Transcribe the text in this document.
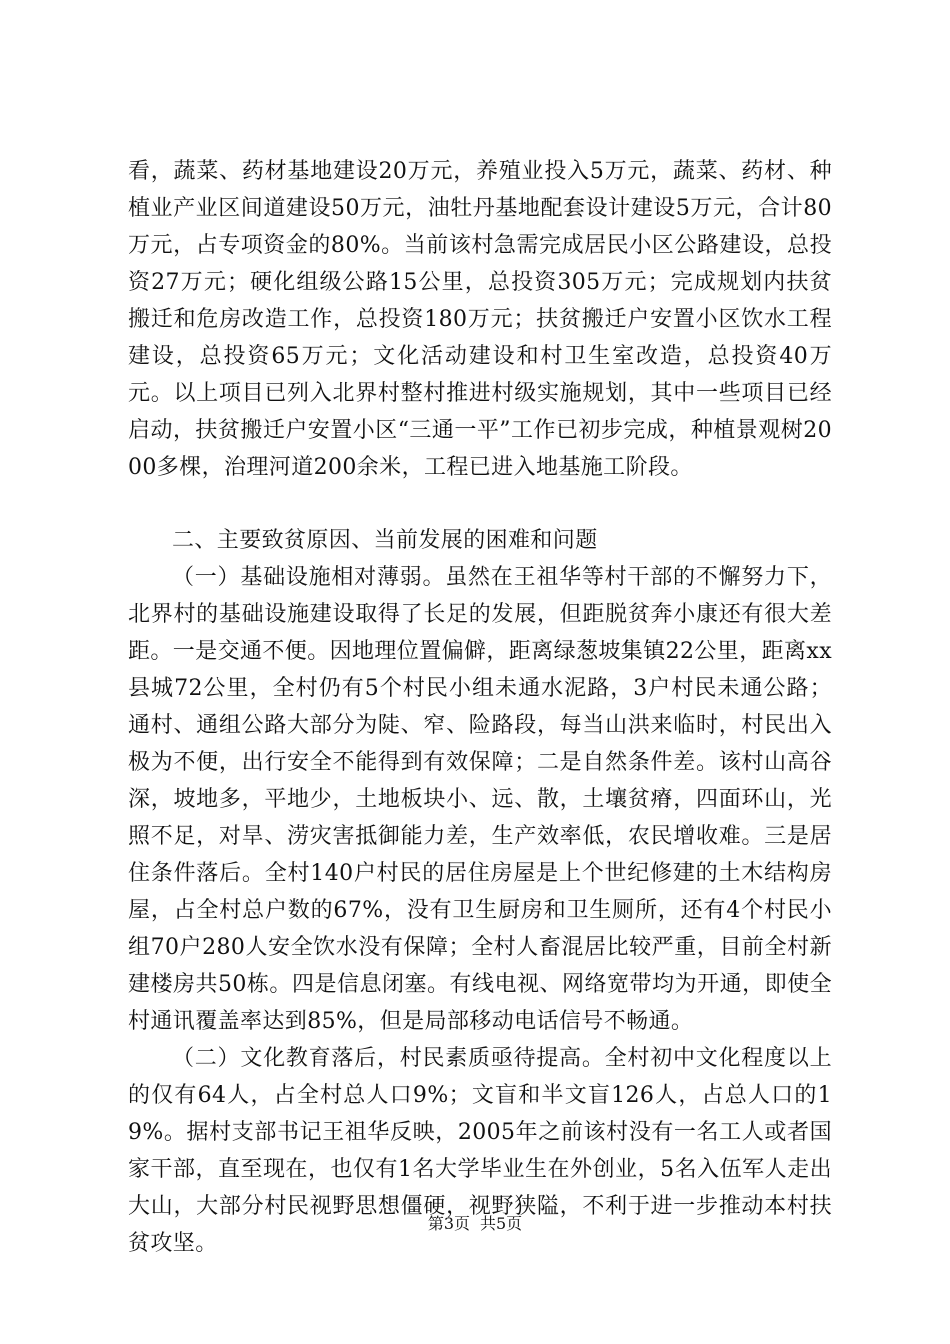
看，蔬菜、药材基地建设20万元，养殖业投入5万元，蔬菜、药材、种植业产业区间道建设50万元，油牡丹基地配套设计建设5万元，合计80万元，占专项资金的80%。当前该村急需完成居民小区公路建设，总投资27万元；硬化组级公路15公里，总投资305万元；完成规划内扶贫搬迁和危房改造工作，总投资180万元；扶贫搬迁户安置小区饮水工程建设，总投资65万元；文化活动建设和村卫生室改造，总投资40万元。以上项目已列入北界村整村推进村级实施规划，其中一些项目已经启动，扶贫搬迁户安置小区“三通一平”工作已初步完成，种植景观树2000多棵，治理河道200余米，工程已进入地基施工阶段。

二、主要致贫原因、当前发展的困难和问题

（一）基础设施相对薄弱。虽然在王祖华等村干部的不懈努力下，北界村的基础设施建设取得了长足的发展，但距脱贫奔小康还有很大差距。一是交通不便。因地理位置偏僻，距离绿葱坡集镇22公里，距离xx县城72公里，全村仍有5个村民小组未通水泥路，3户村民未通公路；通村、通组公路大部分为陡、窄、险路段，每当山洪来临时，村民出入极为不便，出行安全不能得到有效保障；二是自然条件差。该村山高谷深，坡地多，平地少，土地板块小、远、散，土壤贫瘠，四面环山，光照不足，对旱、涝灾害抵御能力差，生产效率低，农民增收难。三是居住条件落后。全村140户村民的居住房屋是上个世纪修建的土木结构房屋，占全村总户数的67%，没有卫生厨房和卫生厕所，还有4个村民小组70户280人安全饮水没有保障；全村人畜混居比较严重，目前全村新建楼房共50栋。四是信息闭塞。有线电视、网络宽带均为开通，即使全村通讯覆盖率达到85%，但是局部移动电话信号不畅通。

（二）文化教育落后，村民素质亟待提高。全村初中文化程度以上的仅有64人，占全村总人口9%；文盲和半文盲126人，占总人口的19%。据村支部书记王祖华反映，2005年之前该村没有一名工人或者国家干部，直至现在，也仅有1名大学毕业生在外创业，5名入伍军人走出大山，大部分村民视野思想僵硬，视野狭隘，不利于进一步推动本村扶贫攻坚。

第3页 共5页
